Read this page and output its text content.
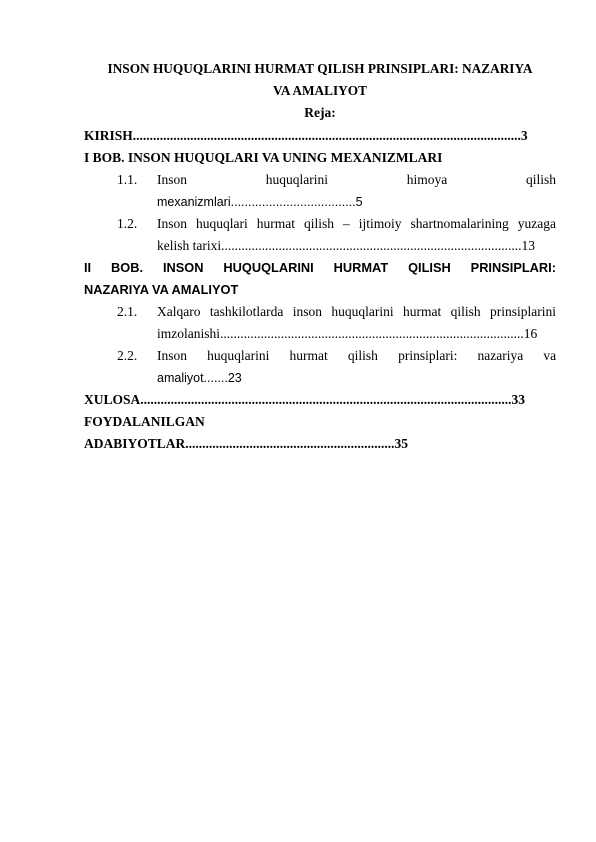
INSON HUQUQLARINI HURMAT QILISH PRINSIPLARI: NAZARIYA
VA AMALIYOT
Reja:
KIRISH...................................................................................................................3
I BOB. INSON HUQUQLARI VA UNING MEXANIZMLARI
1.1.	Inson	huquqlarini	himoya	qilish
mexanizmlari....................................5
1.2.	Inson huquqlari hurmat qilish – ijtimoiy shartnomalarining yuzaga
kelish tarixi.........................................................................................13
II BOB. INSON HUQUQLARINI HURMAT QILISH PRINSIPLARI:
NAZARIYA VA AMALIYOT
2.1.	Xalqaro tashkilotlarda inson huquqlarini hurmat qilish prinsiplarini
imzolanishi..........................................................................................16
2.2.	Inson huquqlarini hurmat qilish prinsiplari: nazariya va
amaliyot.......23
XULOSA..............................................................................................................33
FOYDALANILGAN
ADABIYOTLAR..............................................................35
